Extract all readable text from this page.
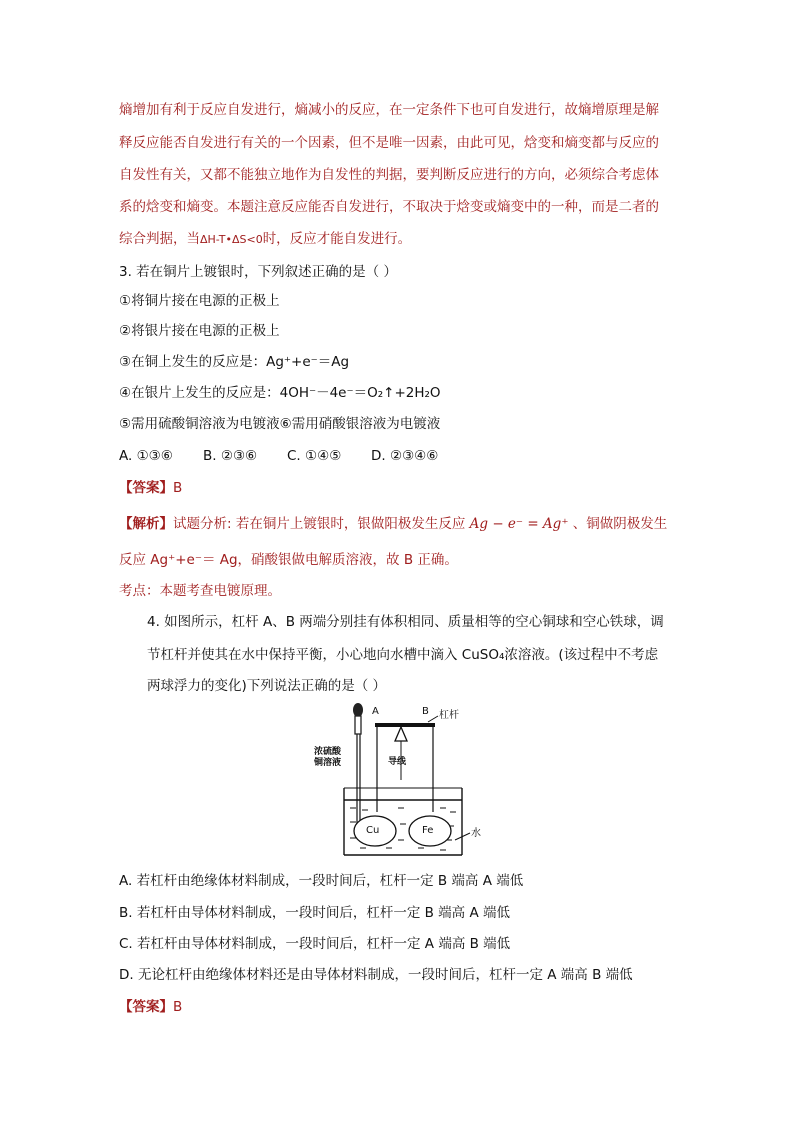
熵增加有利于反应自发进行，熵减小的反应，在一定条件下也可自发进行，故熵增原理是解
释反应能否自发进行有关的一个因素，但不是唯一因素，由此可见，焓变和熵变都与反应的
自发性有关，又都不能独立地作为自发性的判据，要判断反应进行的方向，必须综合考虑体
系的焓变和熵变。本题注意反应能否自发进行，不取决于焓变或熵变中的一种，而是二者的
综合判据，当ΔH-T•ΔS<0时，反应才能自发进行。
3. 若在铜片上镀银时，下列叙述正确的是（ ）
①将铜片接在电源的正极上
②将银片接在电源的正极上
③在铜上发生的反应是：Ag⁺+e⁻＝Ag
④在银片上发生的反应是：4OH⁻－4e⁻＝O₂↑+2H₂O
⑤需用硫酸铜溶液为电镀液⑥需用硝酸银溶液为电镀液
A. ①③⑥ B. ②③⑥ C. ①④⑤ D. ②③④⑥
【答案】B
【解析】试题分析: 若在铜片上镀银时，银做阳极发生反应 Ag − e⁻ = Ag⁺ 、铜做阴极发生
反应 Ag⁺+e⁻＝ Ag，硝酸银做电解质溶液，故 B 正确。
考点：本题考查电镀原理。
4. 如图所示，杠杆 A、B 两端分别挂有体积相同、质量相等的空心铜球和空心铁球，调
节杠杆并使其在水中保持平衡，小心地向水槽中滴入 CuSO₄浓溶液。(该过程中不考虑
两球浮力的变化)下列说法正确的是（ ）
A	B 杠杆
浓硫酸
铜溶液	导线
Cu	Fe	水
A. 若杠杆由绝缘体材料制成，一段时间后，杠杆一定 B 端高 A 端低
B. 若杠杆由导体材料制成，一段时间后，杠杆一定 B 端高 A 端低
C. 若杠杆由导体材料制成，一段时间后，杠杆一定 A 端高 B 端低
D. 无论杠杆由绝缘体材料还是由导体材料制成，一段时间后，杠杆一定 A 端高 B 端低
【答案】B
